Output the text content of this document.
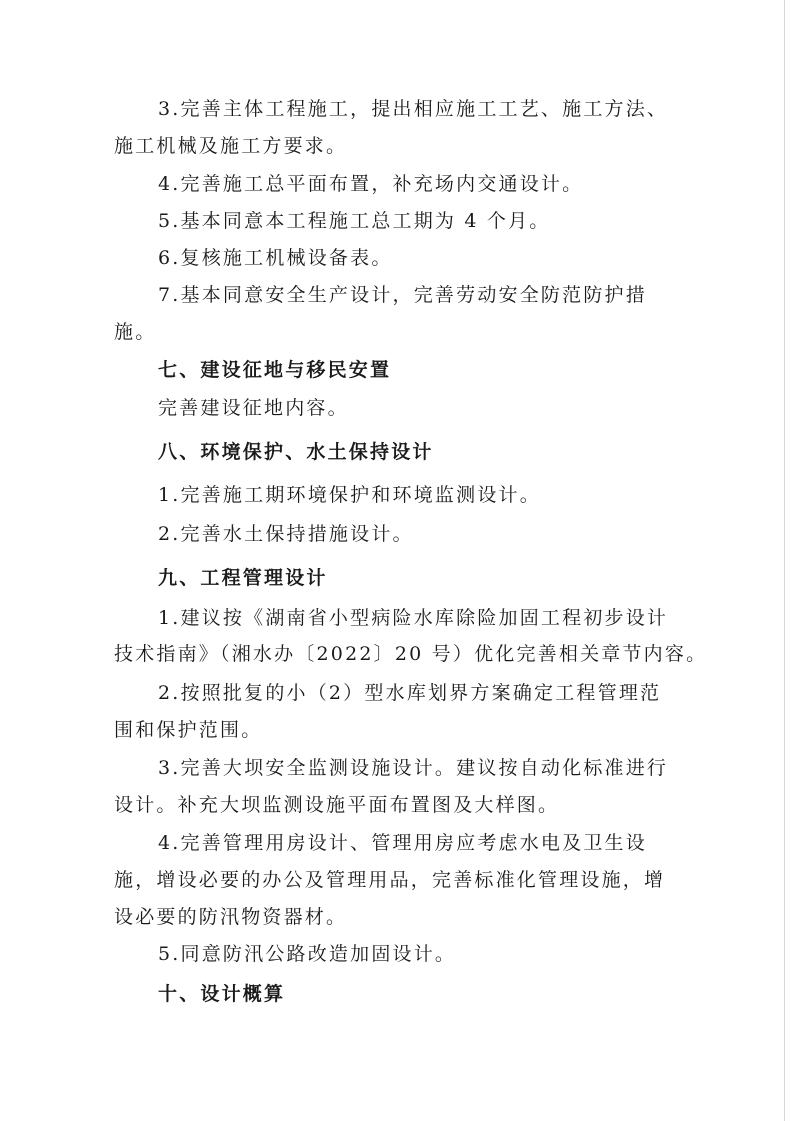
3.完善主体工程施工，提出相应施工工艺、施工方法、
施工机械及施工方要求。
4.完善施工总平面布置，补充场内交通设计。
5.基本同意本工程施工总工期为 4 个月。
6.复核施工机械设备表。
7.基本同意安全生产设计，完善劳动安全防范防护措
施。
七、建设征地与移民安置
完善建设征地内容。
八、环境保护、水土保持设计
1.完善施工期环境保护和环境监测设计。
2.完善水土保持措施设计。
九、工程管理设计
1.建议按《湖南省小型病险水库除险加固工程初步设计
技术指南》（湘水办〔2022〕20 号）优化完善相关章节内容。
2.按照批复的小（2）型水库划界方案确定工程管理范
围和保护范围。
3.完善大坝安全监测设施设计。建议按自动化标准进行
设计。补充大坝监测设施平面布置图及大样图。
4.完善管理用房设计、管理用房应考虑水电及卫生设
施，增设必要的办公及管理用品，完善标准化管理设施，增
设必要的防汛物资器材。
5.同意防汛公路改造加固设计。
十、设计概算
